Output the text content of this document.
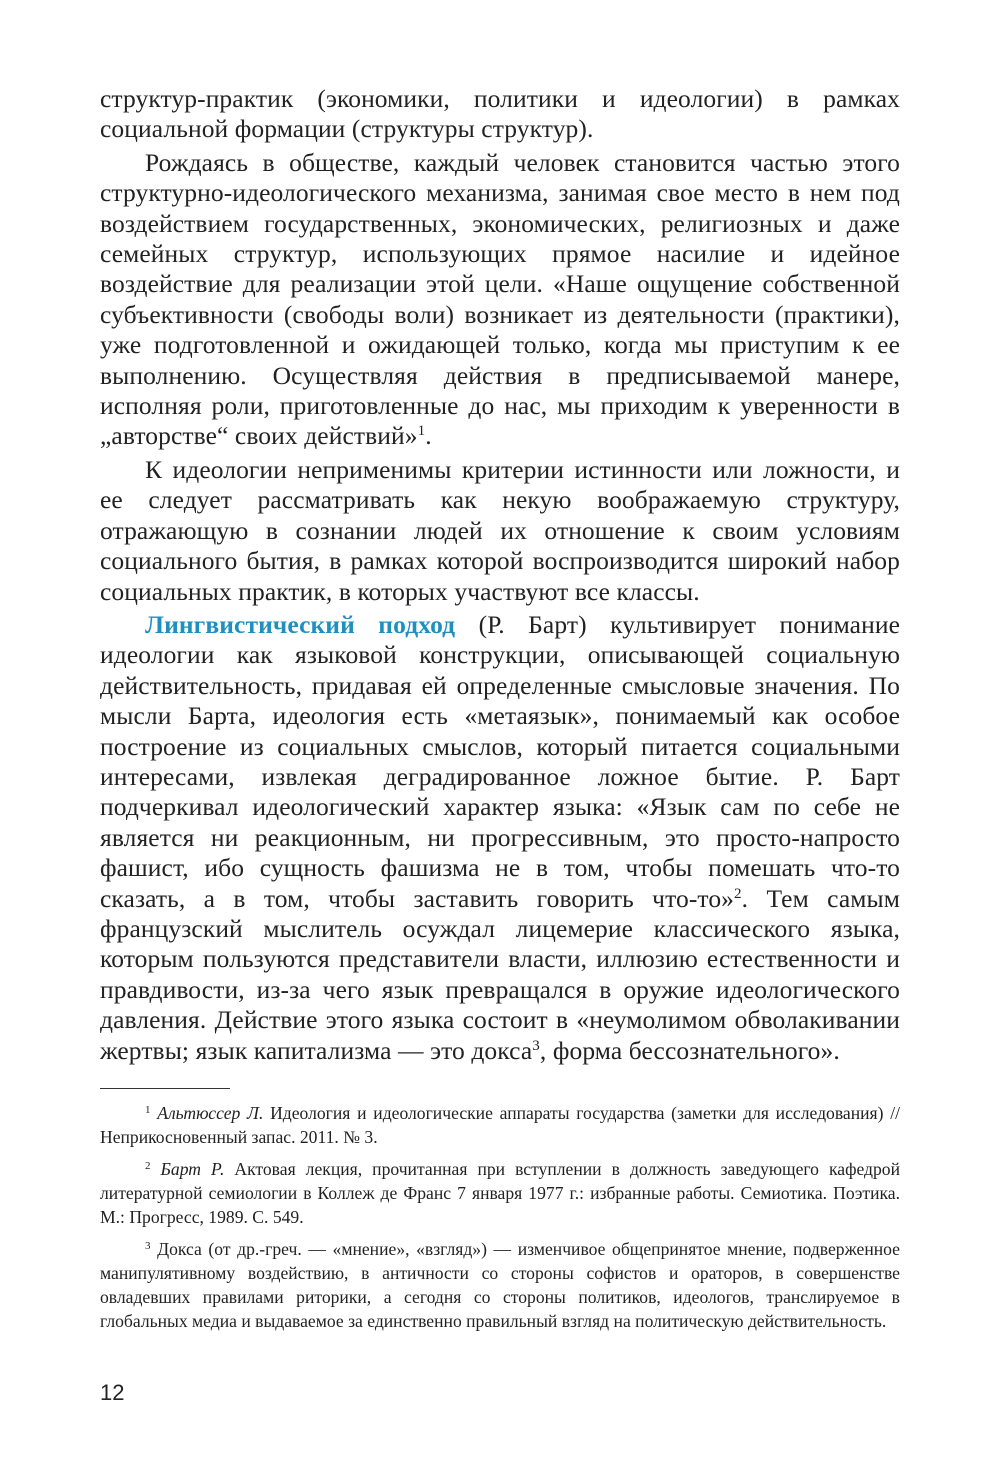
структур-практик (экономики, политики и идеологии) в рамках социальной формации (структуры структур).

Рождаясь в обществе, каждый человек становится частью этого структурно-идеологического механизма, занимая свое место в нем под воздействием государственных, экономических, религиозных и даже семейных структур, использующих прямое насилие и идейное воздействие для реализации этой цели. «Наше ощущение собственной субъективности (свободы воли) возникает из деятельности (практики), уже подготовленной и ожидающей только, когда мы приступим к ее выполнению. Осуществляя действия в предписываемой манере, исполняя роли, приготовленные до нас, мы приходим к уверенности в „авторстве“ своих действий»$^1$.

К идеологии неприменимы критерии истинности или ложности, и ее следует рассматривать как некую воображаемую структуру, отражающую в сознании людей их отношение к своим условиям социального бытия, в рамках которой воспроизводится широкий набор социальных практик, в которых участвуют все классы.

Лингвистический подход (Р. Барт) культивирует понимание идеологии как языковой конструкции, описывающей социальную действительность, придавая ей определенные смысловые значения. По мысли Барта, идеология есть «метаязык», понимаемый как особое построение из социальных смыслов, который питается социальными интересами, извлекая деградированное ложное бытие. Р. Барт подчеркивал идеологический характер языка: «Язык сам по себе не является ни реакционным, ни прогрессивным, это просто-напросто фашист, ибо сущность фашизма не в том, чтобы помешать что-то сказать, а в том, чтобы заставить говорить что-то»$^2$. Тем самым французский мыслитель осуждал лицемерие классического языка, которым пользуются представители власти, иллюзию естественности и правдивости, из-за чего язык превращался в оружие идеологического давления. Действие этого языка состоит в «неумолимом обволакивании жертвы; язык капитализма — это докса$^3$, форма бессознательного».

$^1$ Альтюссер Л. Идеология и идеологические аппараты государства (заметки для исследования) // Неприкосновенный запас. 2011. № 3.

$^2$ Барт Р. Актовая лекция, прочитанная при вступлении в должность заведующего кафедрой литературной семиологии в Коллеж де Франс 7 января 1977 г.: избранные работы. Семиотика. Поэтика. М.: Прогресс, 1989. С. 549.

$^3$ Докса (от др.-греч. — «мнение», «взгляд») — изменчивое общепринятое мнение, подверженное манипулятивному воздействию, в античности со стороны софистов и ораторов, в совершенстве овладевших правилами риторики, а сегодня со стороны политиков, идеологов, транслируемое в глобальных медиа и выдаваемое за единственно правильный взгляд на политическую действительность.

12
